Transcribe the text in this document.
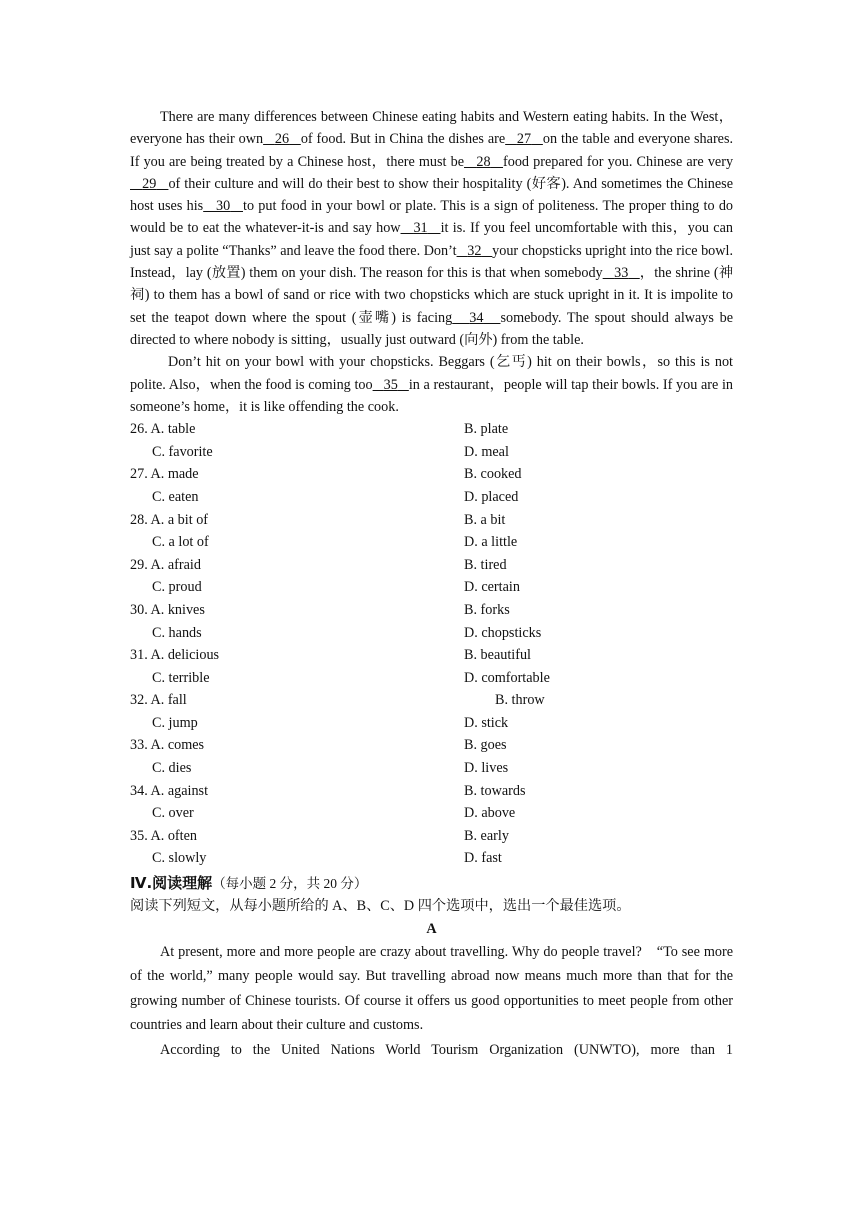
There are many differences between Chinese eating habits and Western eating habits. In the West，everyone has their own 26 of food. But in China the dishes are 27 on the table and everyone shares. If you are being treated by a Chinese host，there must be 28 food prepared for you. Chinese are very   29 of their culture and will do their best to show their hospitality (好客). And sometimes the Chinese host uses his 30 to put food in your bowl or plate. This is a sign of politeness. The proper thing to do would be to eat the whatever-it-is and say how 31 it is. If you feel uncomfortable with this，you can just say a polite “Thanks” and leave the food there. Don’t 32 your chopsticks upright into the rice bowl. Instead，lay (放置) them on your dish. The reason for this is that when somebody 33 ，the shrine (神祠) to them has a bowl of sand or rice with two chopsticks which are stuck upright in it. It is impolite to set the teapot down where the spout (壶嘴) is facing 34 somebody. The spout should always be directed to where nobody is sitting，usually just outward (向外) from the table.

Don’t hit on your bowl with your chopsticks. Beggars (乞丐) hit on their bowls，so this is not polite. Also，when the food is coming too 35 in a restaurant，people will tap their bowls. If you are in someone’s home，it is like offending the cook.

26. A. table	B. plate
C. favorite	D. meal
27. A. made	B. cooked
C. eaten	D. placed
28. A. a bit of	B. a bit
C. a lot of	D. a little
29. A. afraid	B. tired
C. proud	D. certain
30. A. knives	B. forks
C. hands	D. chopsticks
31. A. delicious	B. beautiful
C. terrible	D. comfortable
32. A. fall	B. throw
C. jump	D. stick
33. A. comes	B. goes
C. dies	D. lives
34. A. against	B. towards
C. over	D. above
35. A. often	B. early
C. slowly	D. fast
Ⅳ.阅读理解（每小题 2 分，共 20 分）
阅读下列短文，从每小题所给的 A、B、C、D 四个选项中，选出一个最佳选项。

A

At present, more and more people are crazy about travelling. Why do people travel?　“To see more of the world,” many people would say. But travelling abroad now means much more than that for the growing number of Chinese tourists. Of course it offers us good opportunities to meet people from other countries and learn about their culture and customs.

According to the United Nations World Tourism Organization (UNWTO), more than 1
